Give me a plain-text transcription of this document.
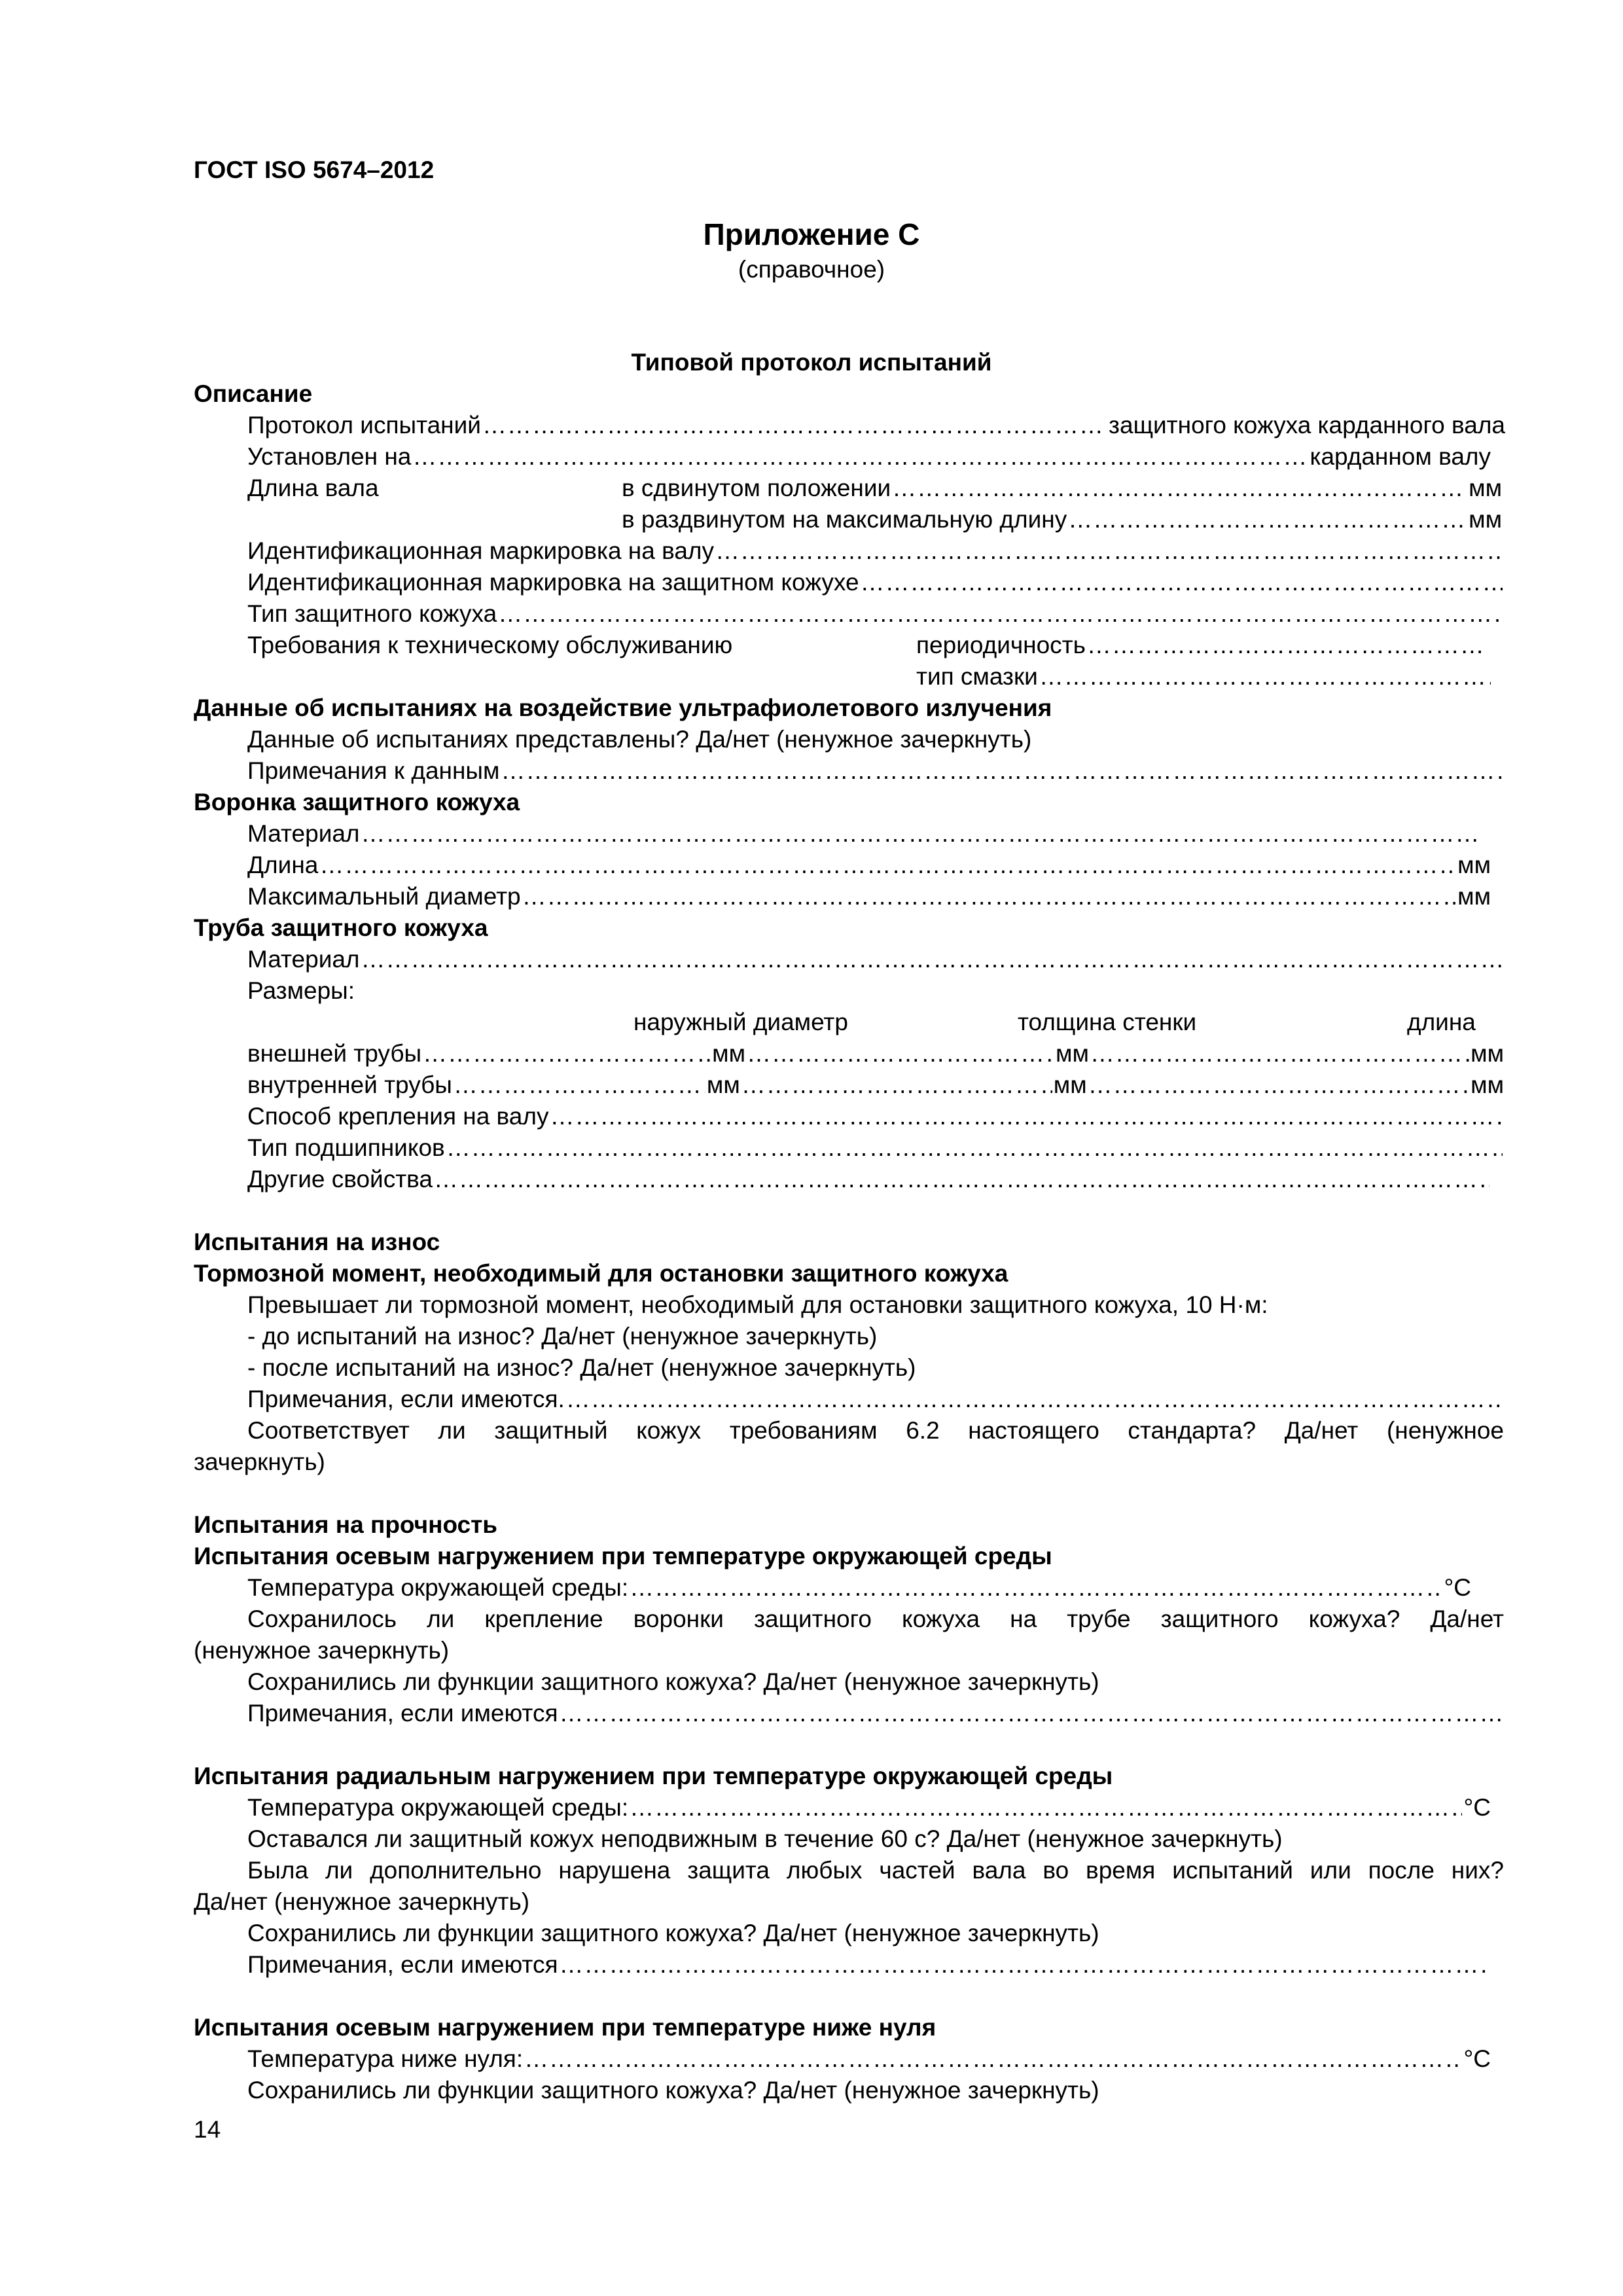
ГОСТ ISO 5674–2012
Приложение С
(справочное)
Типовой протокол испытаний
Описание
Протокол испытаний ……………………………………………………………………………………………………………………………………………………………………………………………………………………………………………………………	защитного кожуха карданного вала
Установлен на ……………………………………………………………………………………………………………………………………………………………………………………………………………………………………………………………	карданном валу
Длина вала	в сдвинутом положении ……………………………………………………………………………………………………………………………………………………………………………………………………………………………………………………………	мм
в раздвинутом на максимальную длину ……………………………………………………………………………………………………………………………………………………………………………………………………………………………………………………………	мм
Идентификационная маркировка на валу
……………………………………………………………………………………………………………………………………………………………………………………………………………………………………………………………
Идентификационная маркировка на защитном кожухе
……………………………………………………………………………………………………………………………………………………………………………………………………………………………………………………………
Тип защитного кожуха
……………………………………………………………………………………………………………………………………………………………………………………………………………………………………………………………
Требования к техническому обслуживанию	периодичность
……………………………………………………………………………………………………………………………………………………………………………………………………………………………………………………………
тип смазки
……………………………………………………………………………………………………………………………………………………………………………………………………………………………………………………………
Данные об испытаниях на воздействие ультрафиолетового излучения
Данные об испытаниях представлены? Да/нет (ненужное зачеркнуть)
Примечания к данным
……………………………………………………………………………………………………………………………………………………………………………………………………………………………………………………………
Воронка защитного кожуха
Материал
……………………………………………………………………………………………………………………………………………………………………………………………………………………………………………………………
Длина ……………………………………………………………………………………………………………………………………………………………………………………………………………………………………………………………	мм
Максимальный диаметр ……………………………………………………………………………………………………………………………………………………………………………………………………………………………………………………………	мм
Труба защитного кожуха
Материал
……………………………………………………………………………………………………………………………………………………………………………………………………………………………………………………………
Размеры:
наружный диаметр	толщина стенки	длина
внешней трубы ……………………………………………………………………………………………………………………………………………………………………………………………………………………………………………………………	мм ……………………………………………………………………………………………………………………………………………………………………………………………………………………………………………………………	мм ……………………………………………………………………………………………………………………………………………………………………………………………………………………………………………………………	мм
внутренней трубы ……………………………………………………………………………………………………………………………………………………………………………………………………………………………………………………………	мм ……………………………………………………………………………………………………………………………………………………………………………………………………………………………………………………………	мм ……………………………………………………………………………………………………………………………………………………………………………………………………………………………………………………………	мм
Способ крепления на валу
……………………………………………………………………………………………………………………………………………………………………………………………………………………………………………………………
Тип подшипников
……………………………………………………………………………………………………………………………………………………………………………………………………………………………………………………………
Другие свойства
……………………………………………………………………………………………………………………………………………………………………………………………………………………………………………………………
Испытания на износ
Тормозной момент, необходимый для остановки защитного кожуха
Превышает ли тормозной момент, необходимый для остановки защитного кожуха, 10 Н·м:
- до испытаний на износ? Да/нет (ненужное зачеркнуть)
- после испытаний на износ? Да/нет (ненужное зачеркнуть)
Примечания, если имеются.
……………………………………………………………………………………………………………………………………………………………………………………………………………………………………………………………
Соответствует ли защитный кожух требованиям 6.2 настоящего стандарта? Да/нет (ненужное
зачеркнуть)
Испытания на прочность
Испытания осевым нагружением при температуре окружающей среды
Температура окружающей среды: ……………………………………………………………………………………………………………………………………………………………………………………………………………………………………………………………	°С
Сохранилось ли крепление воронки защитного кожуха на трубе защитного кожуха? Да/нет
(ненужное зачеркнуть)
Сохранились ли функции защитного кожуха? Да/нет (ненужное зачеркнуть)
Примечания, если имеются
……………………………………………………………………………………………………………………………………………………………………………………………………………………………………………………………
Испытания радиальным нагружением при температуре окружающей среды
Температура окружающей среды: ……………………………………………………………………………………………………………………………………………………………………………………………………………………………………………………………	°С
Оставался ли защитный кожух неподвижным в течение 60 с? Да/нет (ненужное зачеркнуть)
Была ли дополнительно нарушена защита любых частей вала во время испытаний или после них?
Да/нет (ненужное зачеркнуть)
Сохранились ли функции защитного кожуха? Да/нет (ненужное зачеркнуть)
Примечания, если имеются
……………………………………………………………………………………………………………………………………………………………………………………………………………………………………………………………
Испытания осевым нагружением при температуре ниже нуля
Температура ниже нуля: ……………………………………………………………………………………………………………………………………………………………………………………………………………………………………………………………	°С
Сохранились ли функции защитного кожуха? Да/нет (ненужное зачеркнуть)
14
